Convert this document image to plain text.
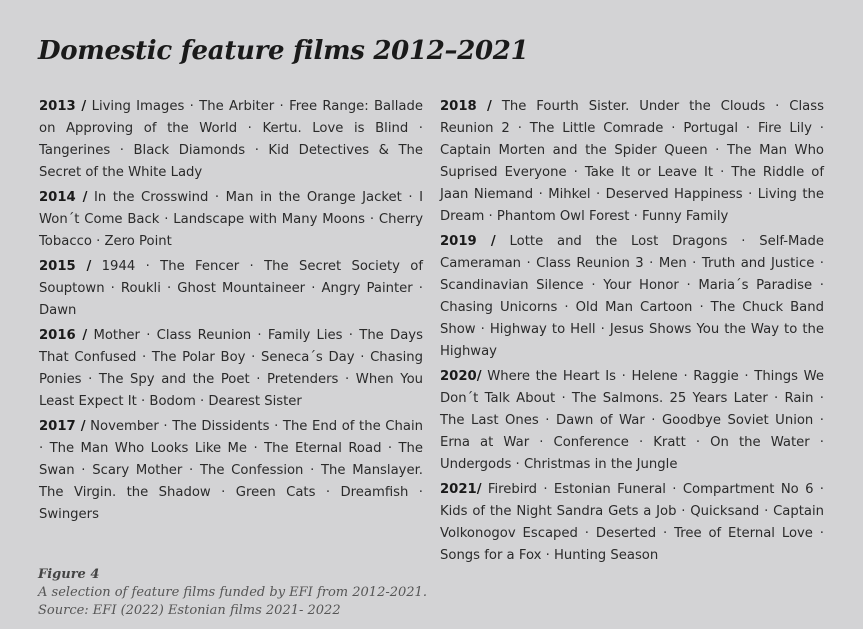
Domestic feature films 2012–2021

2013 / Living Images · The Arbiter · Free Range: Ballade on Approving of the World · Kertu. Love is Blind · Tangerines · Black Diamonds · Kid Detectives & The Secret of the White Lady

2014 / In the Crosswind · Man in the Orange Jacket · I Won´t Come Back · Landscape with Many Moons · Cherry Tobacco · Zero Point

2015 / 1944 · The Fencer · The Secret Society of Souptown · Roukli · Ghost Mountaineer · Angry Painter · Dawn

2016 / Mother · Class Reunion · Family Lies · The Days That Confused · The Polar Boy · Seneca´s Day · Chasing Ponies · The Spy and the Poet · Pretenders · When You Least Expect It · Bodom · Dearest Sister

2017 / November · The Dissidents · The End of the Chain · The Man Who Looks Like Me · The Eternal Road · The Swan · Scary Mother · The Confession · The Manslayer. The Virgin. the Shadow · Green Cats · Dreamfish · Swingers

2018 / The Fourth Sister. Under the Clouds · Class Reunion 2 · The Little Comrade · Portugal · Fire Lily · Captain Morten and the Spider Queen · The Man Who Suprised Everyone · Take It or Leave It · The Riddle of Jaan Niemand · Mihkel · Deserved Happiness · Living the Dream · Phantom Owl Forest · Funny Family

2019 / Lotte and the Lost Dragons · Self-Made Cameraman · Class Reunion 3 · Men · Truth and Justice · Scandinavian Silence · Your Honor · Maria´s Paradise · Chasing Unicorns · Old Man Cartoon · The Chuck Band Show · Highway to Hell · Jesus Shows You the Way to the Highway

2020/ Where the Heart Is · Helene · Raggie · Things We Don´t Talk About · The Salmons. 25 Years Later · Rain · The Last Ones · Dawn of War · Goodbye Soviet Union · Erna at War · Conference · Kratt · On the Water · Undergods · Christmas in the Jungle

2021/ Firebird · Estonian Funeral · Compartment No 6 · Kids of the Night Sandra Gets a Job · Quicksand · Captain Volkonogov Escaped · Deserted · Tree of Eternal Love · Songs for a Fox · Hunting Season

Figure 4
A selection of feature films funded by EFI from 2012-2021.
Source: EFI (2022) Estonian films 2021- 2022
